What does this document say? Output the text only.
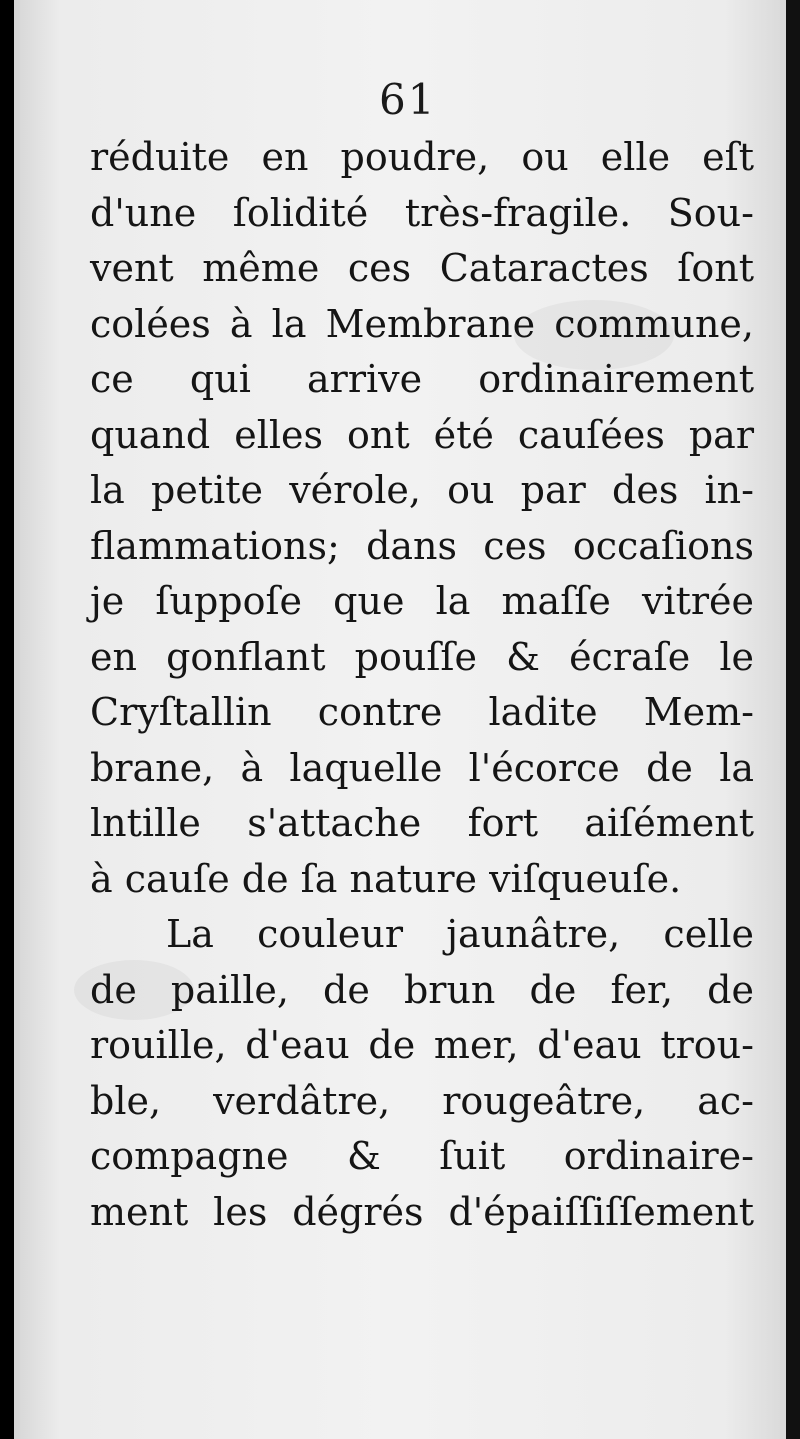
61
réduite en poudre, ou elle eſt
d'une ſolidité très-fragile. Sou-
vent même ces Cataractes ſont
colées à la Membrane commune,
ce qui arrive ordinairement
quand elles ont été cauſées par
la petite vérole, ou par des in-
flammations; dans ces occaſions
je ſuppoſe que la maſſe vitrée
en gonflant pouſſe & écraſe le
Cryſtallin contre ladite Mem-
brane, à laquelle l'écorce de la
lntille s'attache fort aiſément
à cauſe de ſa nature viſqueuſe.
La couleur jaunâtre, celle
de paille, de brun de fer, de
rouille, d'eau de mer, d'eau trou-
ble, verdâtre, rougeâtre, ac-
compagne & ſuit ordinaire-
ment les dégrés d'épaiſſiſſement
